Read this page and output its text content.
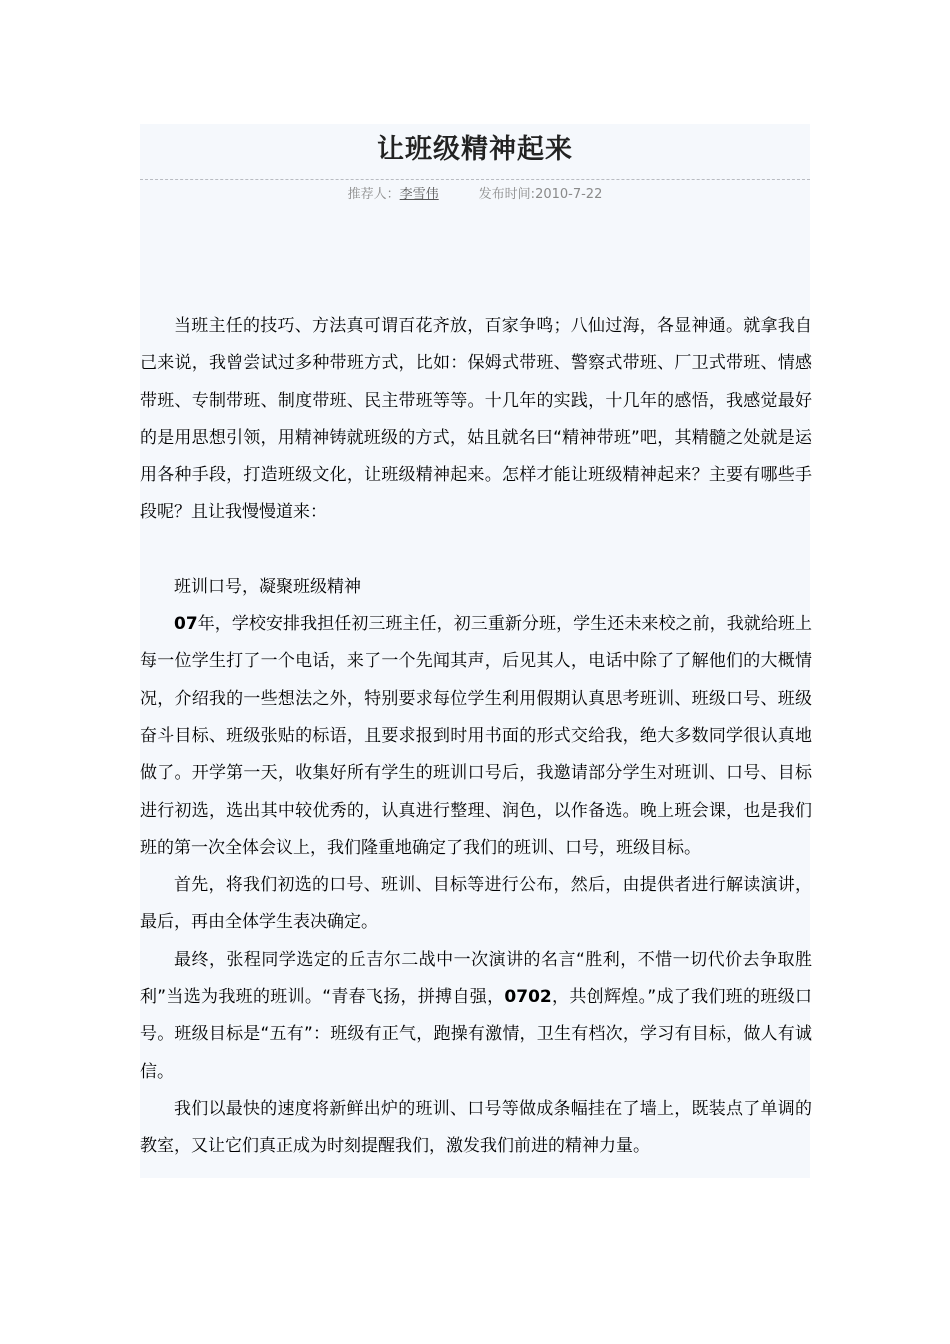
让班级精神起来
推荐人：李雪伟	发布时间:2010-7-22

当班主任的技巧、方法真可谓百花齐放，百家争鸣；八仙过海，各显神通。就拿我自己来说，我曾尝试过多种带班方式，比如：保姆式带班、警察式带班、厂卫式带班、情感带班、专制带班、制度带班、民主带班等等。十几年的实践，十几年的感悟，我感觉最好的是用思想引领，用精神铸就班级的方式，姑且就名曰“精神带班”吧，其精髓之处就是运用各种手段，打造班级文化，让班级精神起来。怎样才能让班级精神起来？主要有哪些手段呢？且让我慢慢道来：

班训口号，凝聚班级精神

07年，学校安排我担任初三班主任，初三重新分班，学生还未来校之前，我就给班上每一位学生打了一个电话，来了一个先闻其声，后见其人，电话中除了了解他们的大概情况，介绍我的一些想法之外，特别要求每位学生利用假期认真思考班训、班级口号、班级奋斗目标、班级张贴的标语，且要求报到时用书面的形式交给我，绝大多数同学很认真地做了。开学第一天，收集好所有学生的班训口号后，我邀请部分学生对班训、口号、目标进行初选，选出其中较优秀的，认真进行整理、润色，以作备选。晚上班会课，也是我们班的第一次全体会议上，我们隆重地确定了我们的班训、口号，班级目标。

首先，将我们初选的口号、班训、目标等进行公布，然后，由提供者进行解读演讲，最后，再由全体学生表决确定。

最终，张程同学选定的丘吉尔二战中一次演讲的名言“胜利，不惜一切代价去争取胜利”当选为我班的班训。“青春飞扬，拼搏自强，0702，共创辉煌。”成了我们班的班级口号。班级目标是“五有”：班级有正气，跑操有激情，卫生有档次，学习有目标，做人有诚信。

我们以最快的速度将新鲜出炉的班训、口号等做成条幅挂在了墙上，既装点了单调的教室，又让它们真正成为时刻提醒我们，激发我们前进的精神力量。
